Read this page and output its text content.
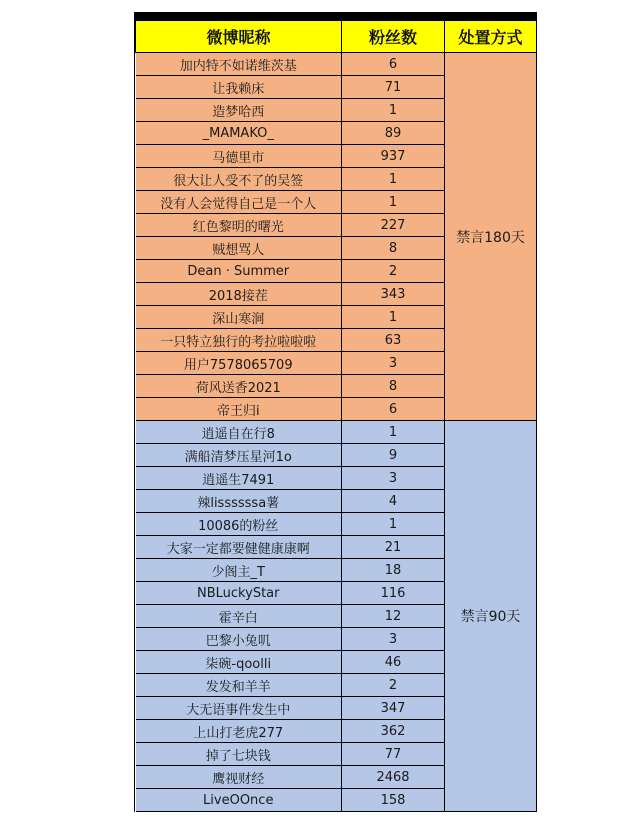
微博昵称	粉丝数	处置方式
加内特不如诺维茨基	6	禁言180天
让我赖床	71	
造梦哈西	1	
_MAMAKO_	89	
马德里市	937	
很大让人受不了的吴签	1	
没有人会觉得自己是一个人	1	
红色黎明的曙光	227	
贼想骂人	8	
Dean · Summer	2	
2018接茬	343	
深山寒涧	1	
一只特立独行的考拉啦啦啦	63	
用户7578065709	3	
荷风送香2021	8	
帝王归i	6	
逍遥自在行8	1	禁言90天
满船清梦压星河1o	9	
逍遥生7491	3	
辣lissssssa薯	4	
10086的粉丝	1	
大家一定都要健健康康啊	21	
少阁主_T	18	
NBLuckyStar	116	
霍辛白	12	
巴黎小兔叽	3	
柒碗-qoolli	46	
发发和羊羊	2	
大无语事件发生中	347	
上山打老虎277	362	
掉了七块钱	77	
鹰视财经	2468	
LiveOOnce	158	
